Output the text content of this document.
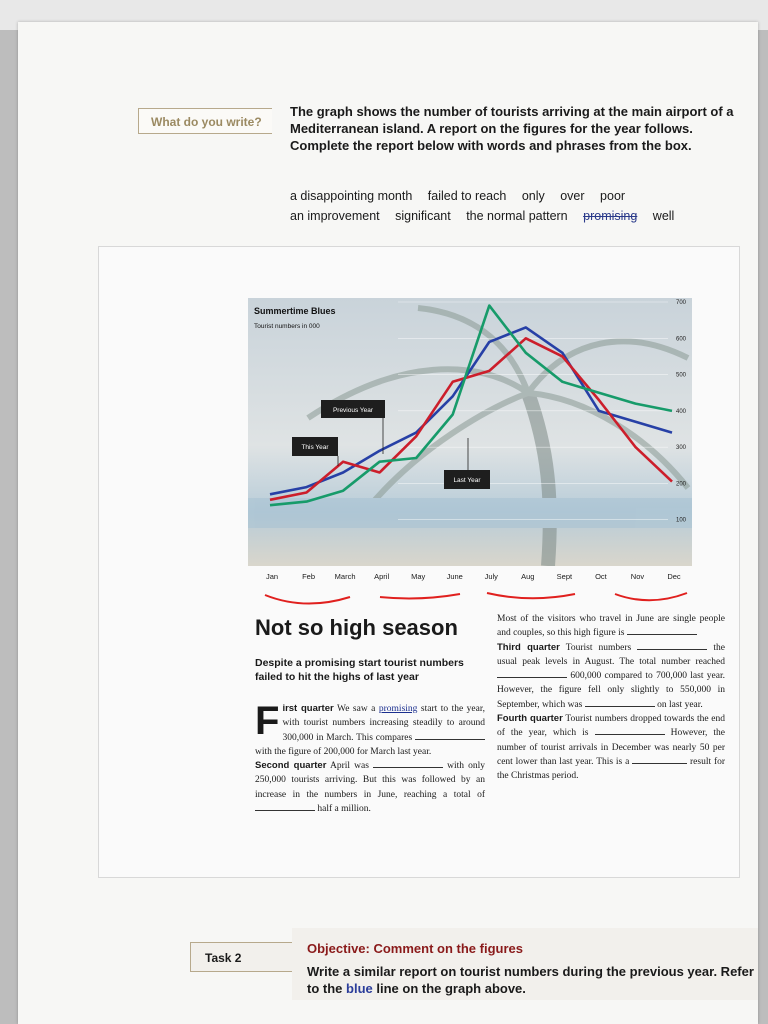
What do you write?
The graph shows the number of tourists arriving at the main airport of a Mediterranean island. A report on the figures for the year follows. Complete the report below with words and phrases from the box.
a disappointing month failed to reach only over poor
an improvement significant the normal pattern promising well
100
200
300
400
500
600
700
Summertime Blues
Tourist numbers in 000
Previous Year
This Year
Last Year
Jan	Feb	March April	May	June	July	Aug	Sept	Oct	Nov	Dec
Not so high season
Despite a promising start tourist numbers failed to hit the highs of last year
First quarter We saw a promising start to the year, with tourist numbers increasing steadily to around 300,000 in March. This compares  with the figure of 200,000 for March last year.
Second quarter April was	with only 250,000 tourists arriving. But this was followed by an increase in the numbers in June, reaching a total of  half a million.
Most of the visitors who travel in June are single people and couples, so this high figure is
Third quarter Tourist numbers	the usual peak levels in August. The total number reached  600,000 compared to 700,000 last year. However, the figure fell only slightly to 550,000 in September, which was	on last year.
Fourth quarter Tourist numbers dropped towards the end of the year, which is	However, the number of tourist arrivals in December was nearly 50 per cent lower than last year. This is a	result for the Christmas period.
Task 2
Objective: Comment on the figures
Write a similar report on tourist numbers during the previous year. Refer to the blue line on the graph above.
